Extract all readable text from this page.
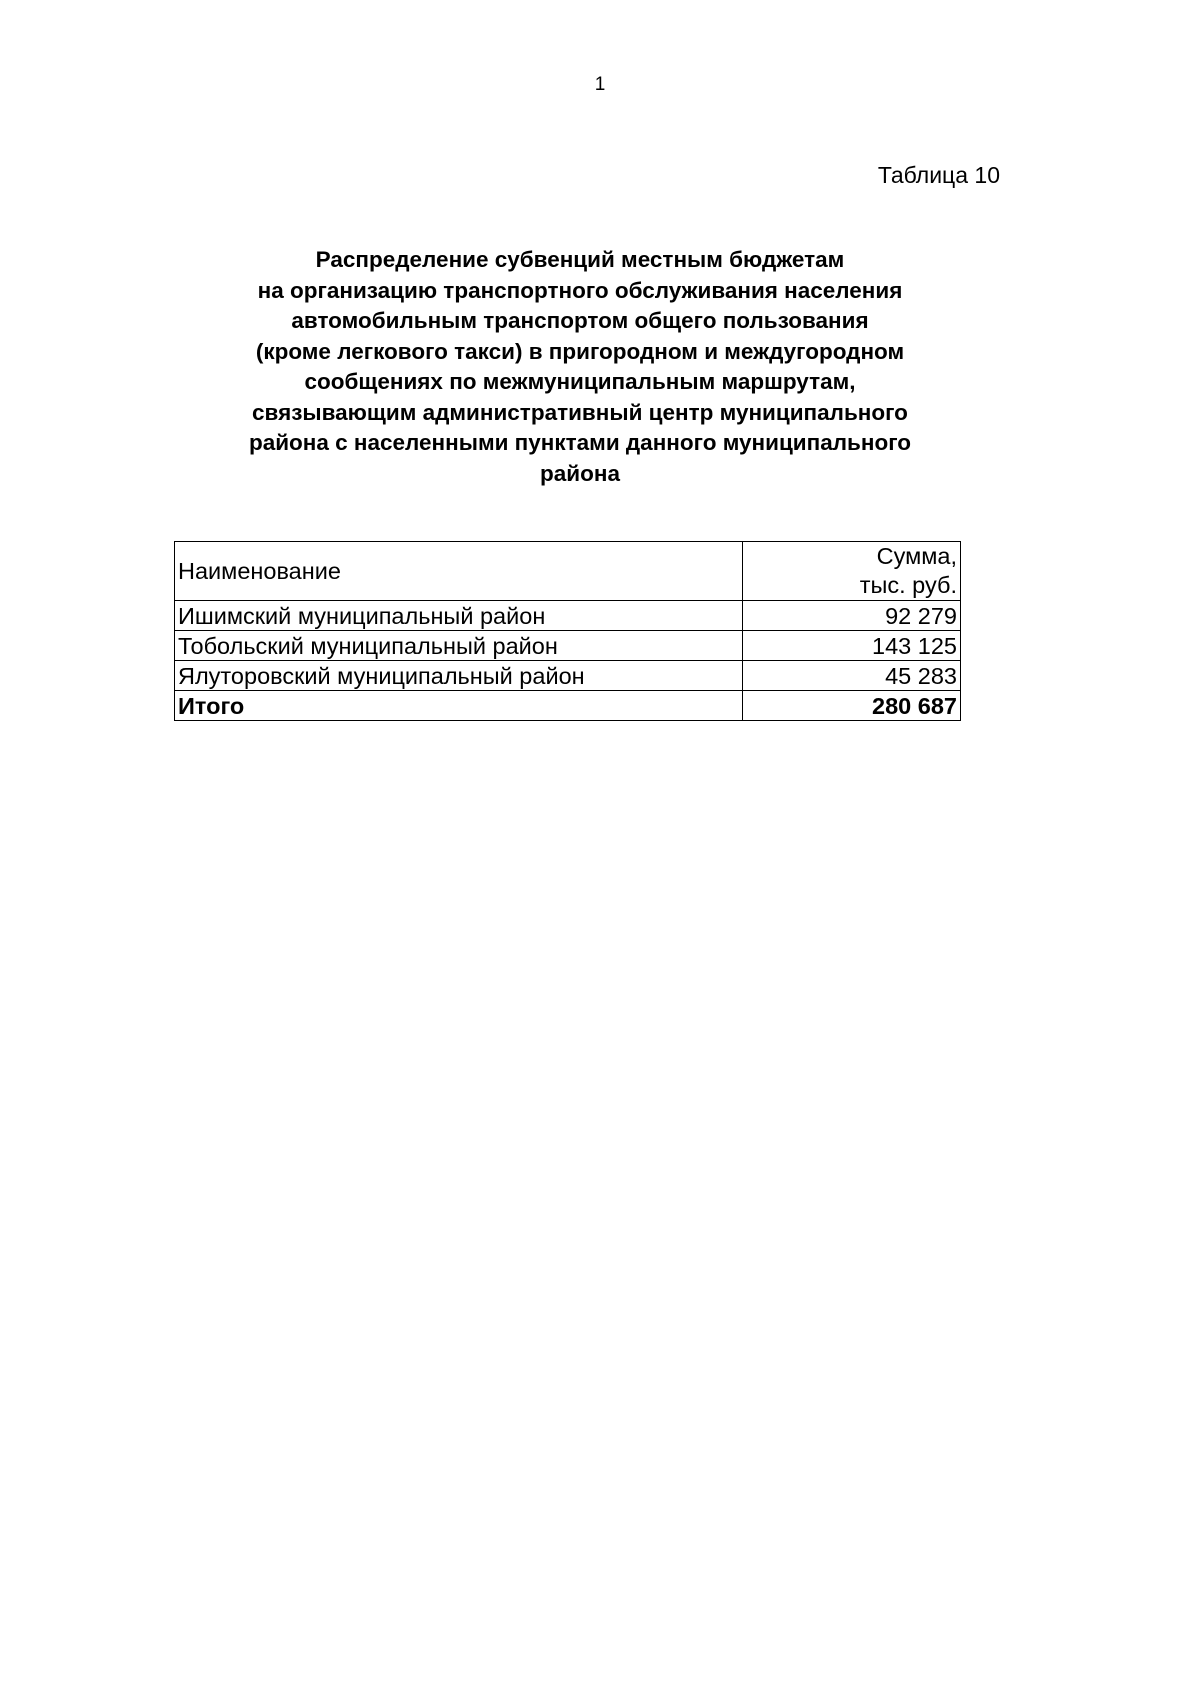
1
Таблица 10
Распределение субвенций местным бюджетам
на организацию транспортного обслуживания населения
автомобильным транспортом общего пользования
(кроме легкового такси) в пригородном и междугородном
сообщениях по межмуниципальным маршрутам,
связывающим административный центр муниципального
района с населенными пунктами данного муниципального
района
Наименование	Сумма,
тыс. руб.

Ишимский муниципальный район	92 279
Тобольский муниципальный район	143 125
Ялуторовский муниципальный район	45 283
Итого	280 687
